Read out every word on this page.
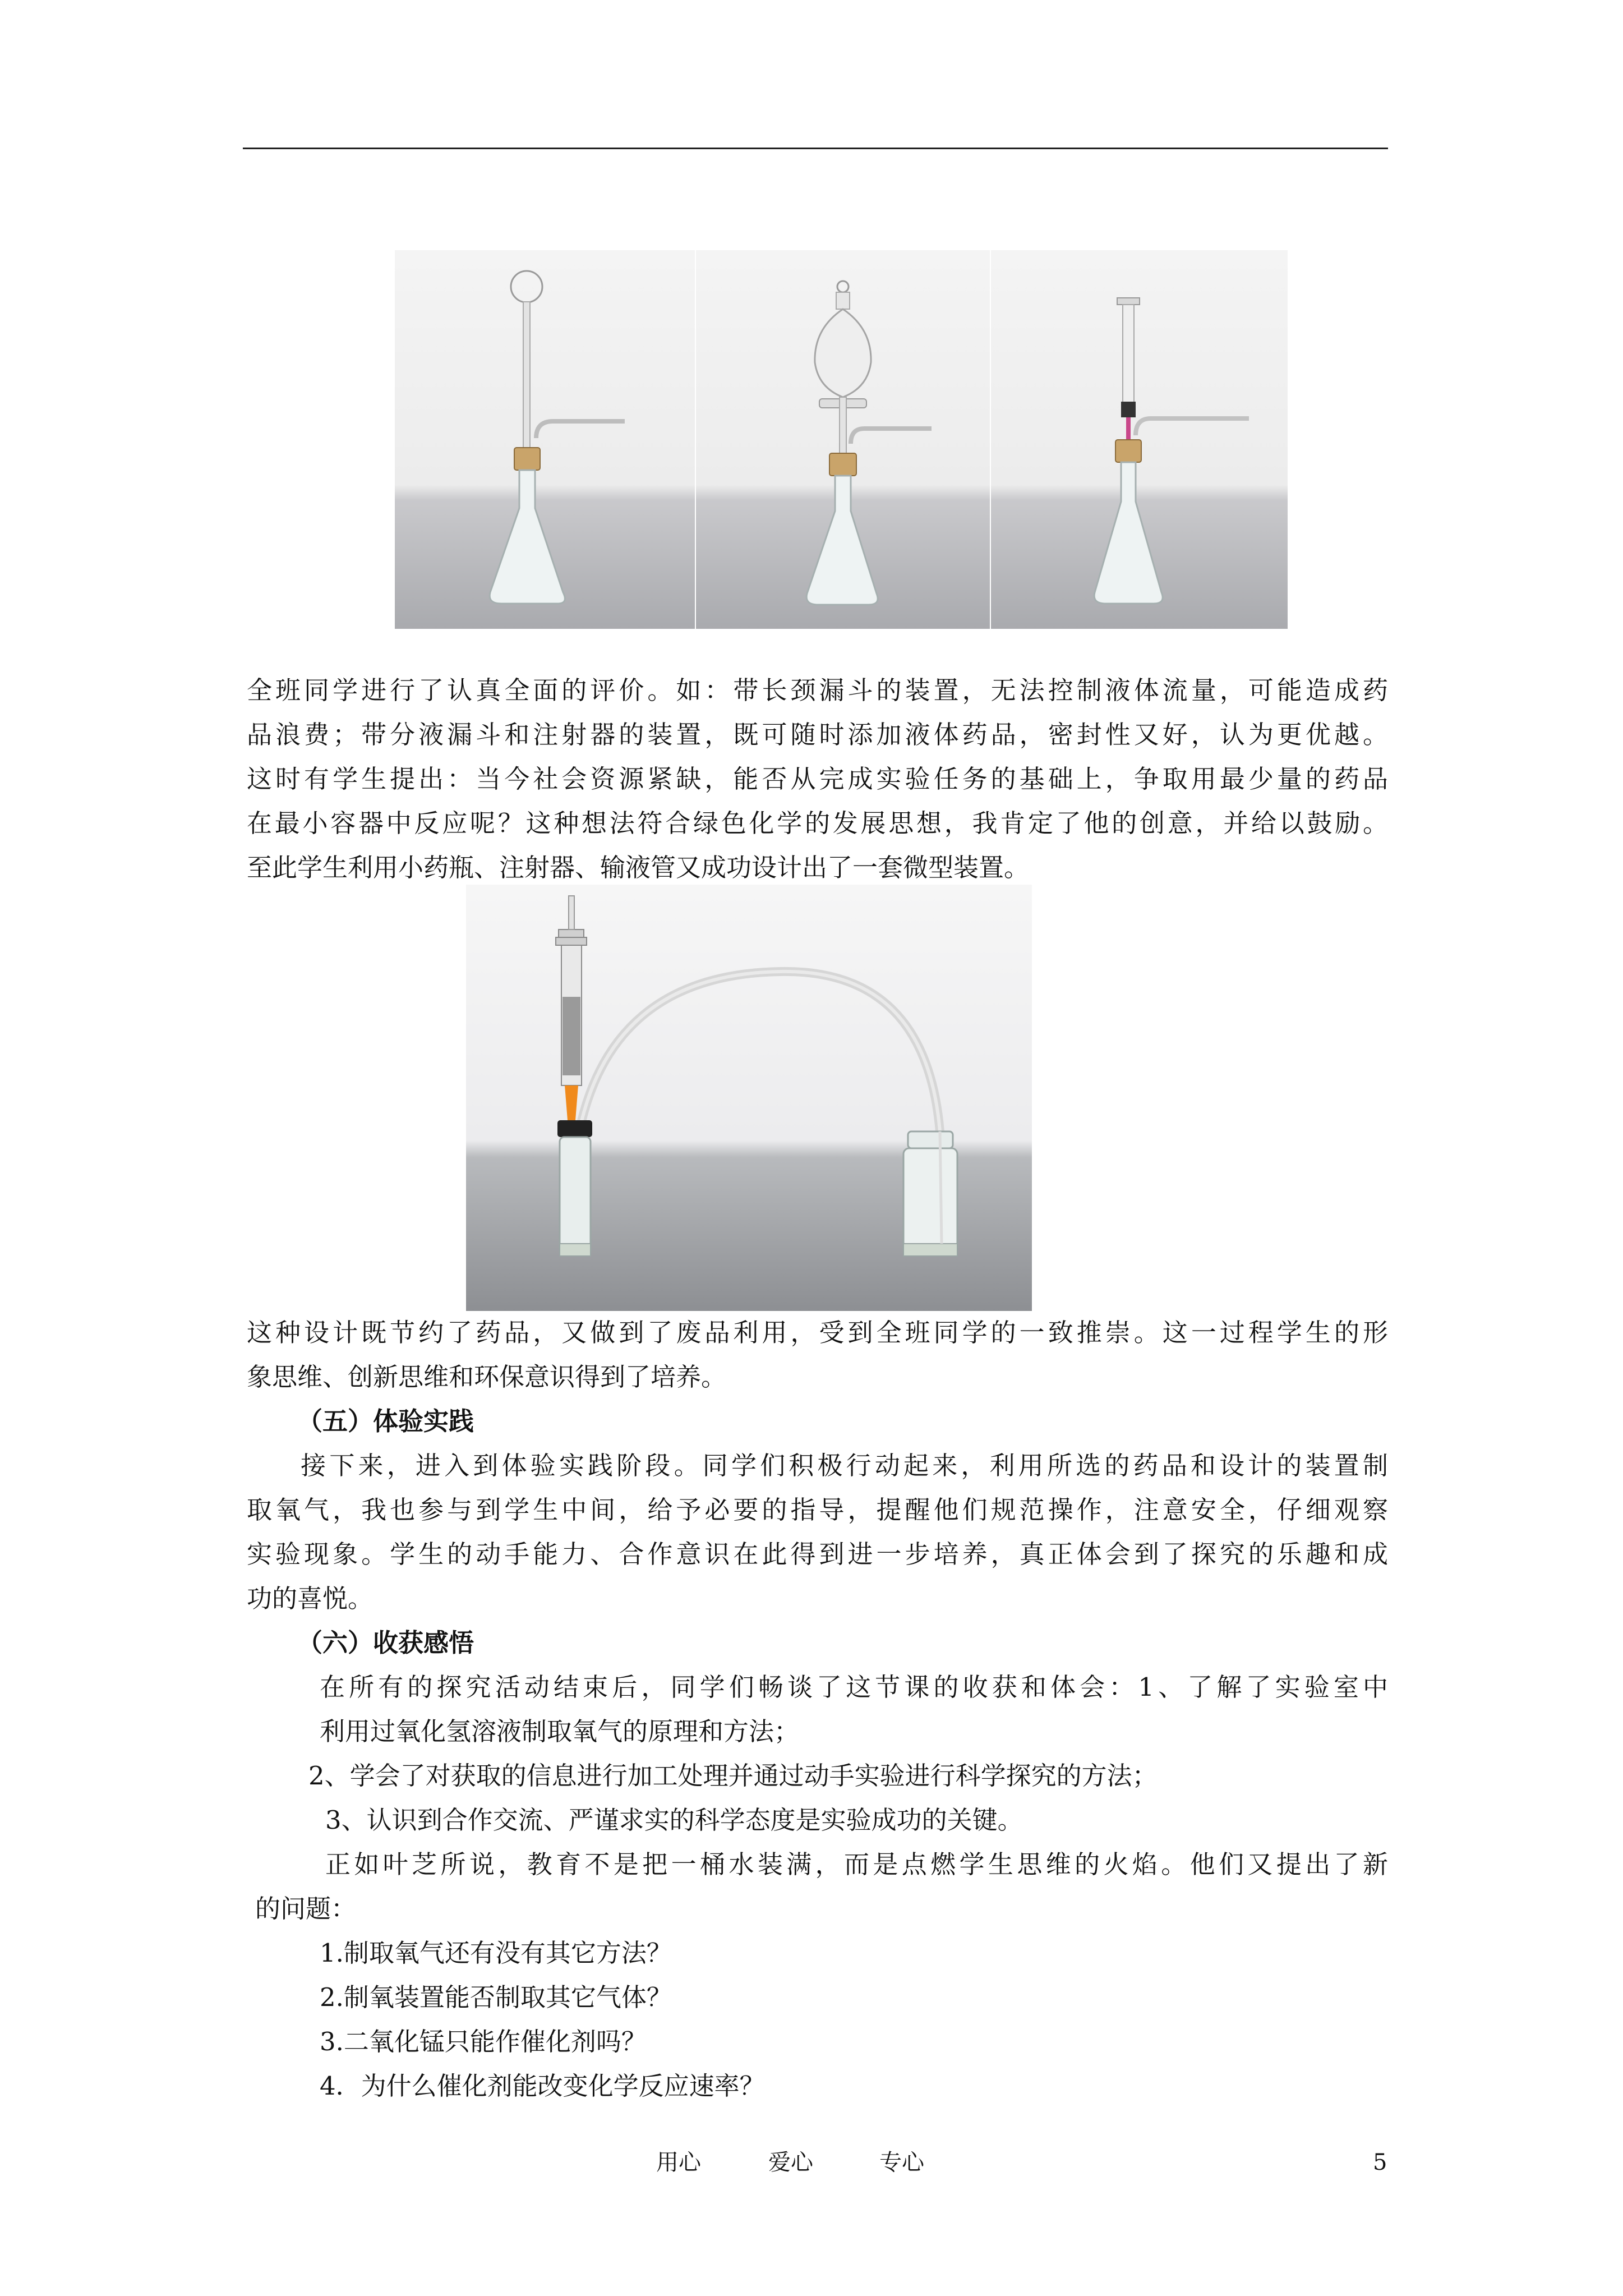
全班同学进行了认真全面的评价。如：带长颈漏斗的装置，无法控制液体流量，可能造成药
品浪费；带分液漏斗和注射器的装置，既可随时添加液体药品，密封性又好，认为更优越。
这时有学生提出：当今社会资源紧缺，能否从完成实验任务的基础上，争取用最少量的药品
在最小容器中反应呢？这种想法符合绿色化学的发展思想，我肯定了他的创意，并给以鼓励。
至此学生利用小药瓶、注射器、输液管又成功设计出了一套微型装置。
这种设计既节约了药品，又做到了废品利用，受到全班同学的一致推崇。这一过程学生的形
象思维、创新思维和环保意识得到了培养。
（五）体验实践
　接下来，进入到体验实践阶段。同学们积极行动起来，利用所选的药品和设计的装置制
取氧气，我也参与到学生中间，给予必要的指导，提醒他们规范操作，注意安全，仔细观察
实验现象。学生的动手能力、合作意识在此得到进一步培养，真正体会到了探究的乐趣和成
功的喜悦。
（六）收获感悟
在所有的探究活动结束后，同学们畅谈了这节课的收获和体会：1、了解了实验室中
利用过氧化氢溶液制取氧气的原理和方法；
2、学会了对获取的信息进行加工处理并通过动手实验进行科学探究的方法；
3、认识到合作交流、严谨求实的科学态度是实验成功的关键。
正如叶芝所说，教育不是把一桶水装满，而是点燃学生思维的火焰。他们又提出了新
的问题：
1.制取氧气还有没有其它方法？
2.制氧装置能否制取其它气体？
3.二氧化锰只能作催化剂吗？
4．为什么催化剂能改变化学反应速率？
用心	爱心	专心	5
